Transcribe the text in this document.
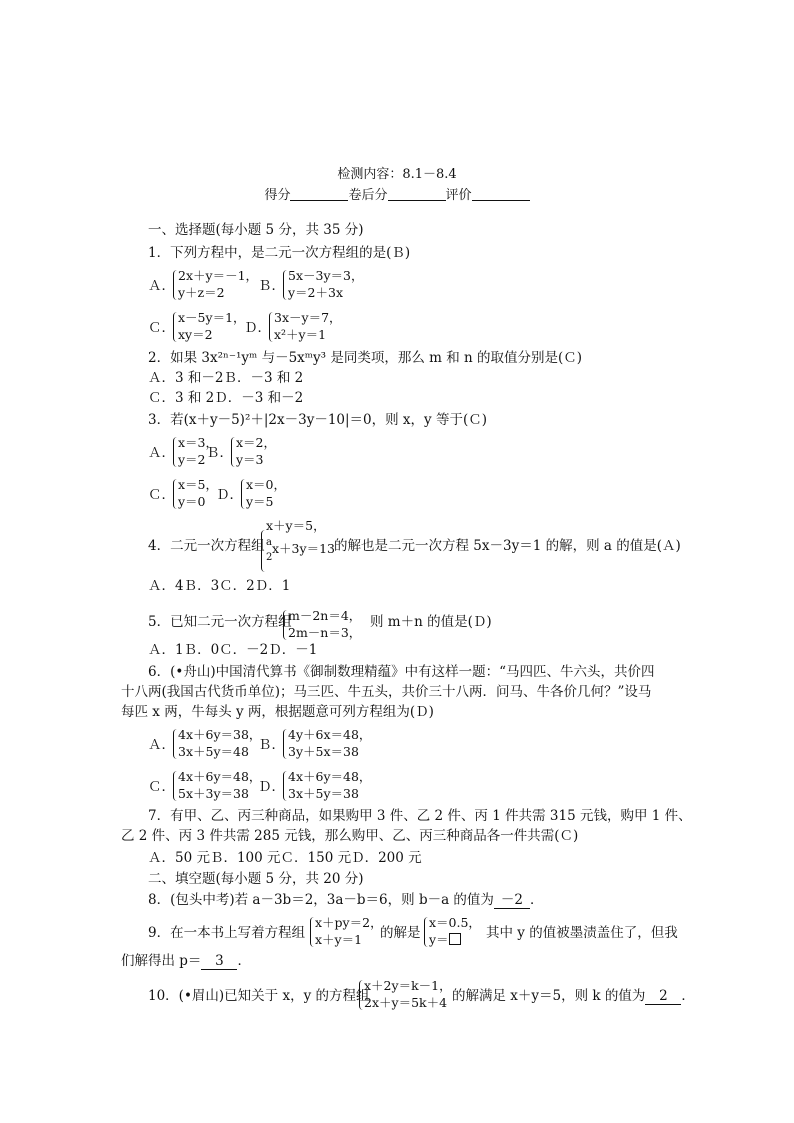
检测内容：8.1－8.4
得分	卷后分	评价
一、选择题(每小题 5 分，共 35 分)
1．下列方程中，是二元一次方程组的是(Ｂ)
Ａ．
2x＋y＝－1，
y＋z＝2 Ｂ．
5x－3y＝3，
y＝2＋3x
Ｃ．
x－5y＝1，
xy＝2 Ｄ．
3x－y＝7，
x²＋y＝1
2．如果 3x²ⁿ⁻¹yᵐ 与－5xᵐy³ 是同类项，那么 m 和 n 的取值分别是(Ｃ)
Ａ．3 和－2Ｂ．－3 和 2
Ｃ．3 和 2Ｄ．－3 和－2
3．若(x＋y－5)²＋|2x－3y－10|＝0，则 x，y 等于(Ｃ)
Ａ．
x＝3，
y＝2 Ｂ．
x＝2，
y＝3
Ｃ．
x＝5，
y＝0 Ｄ．
x＝0，
y＝5
4．二元一次方程组
x＋y＝5，
a
2
x＋3y＝13 的解也是二元一次方程 5x－3y＝1 的解，则 a 的值是(Ａ)
Ａ．4Ｂ．3Ｃ．2Ｄ．1
5．已知二元一次方程组
m－2n＝4，
2m－n＝3，
则 m＋n 的值是(Ｄ)
Ａ．1Ｂ．0Ｃ．－2Ｄ．－1
6．(•舟山)中国清代算书《御制数理精蕴》中有这样一题：“马四匹、牛六头，共价四
十八两(我国古代货币单位)；马三匹、牛五头，共价三十八两．问马、牛各价几何？”设马
每匹 x 两，牛每头 y 两，根据题意可列方程组为(Ｄ)
Ａ．
4x＋6y＝38，
3x＋5y＝48 Ｂ．
4y＋6x＝48，
3y＋5x＝38
Ｃ．
4x＋6y＝48，
5x＋3y＝38 Ｄ．
4x＋6y＝48，
3x＋5y＝38
7．有甲、乙、丙三种商品，如果购甲 3 件、乙 2 件、丙 1 件共需 315 元钱，购甲 1 件、
乙 2 件、丙 3 件共需 285 元钱，那么购甲、乙、丙三种商品各一件共需(Ｃ)
Ａ．50 元Ｂ．100 元Ｃ．150 元Ｄ．200 元
二、填空题(每小题 5 分，共 20 分)
8．(包头中考)若 a－3b＝2，3a－b＝6，则 b－a 的值为 －2 ．
9．在一本书上写着方程组
x＋py＝2，
x＋y＝1 的解是
x＝0.5，
y＝	其中 y 的值被墨渍盖住了，但我
们解得出 p＝ 3 ．
10．(•眉山)已知关于 x，y 的方程组
x＋2y＝k－1，
2x＋y＝5k＋4 的解满足 x＋y＝5，则 k 的值为 2 ．
